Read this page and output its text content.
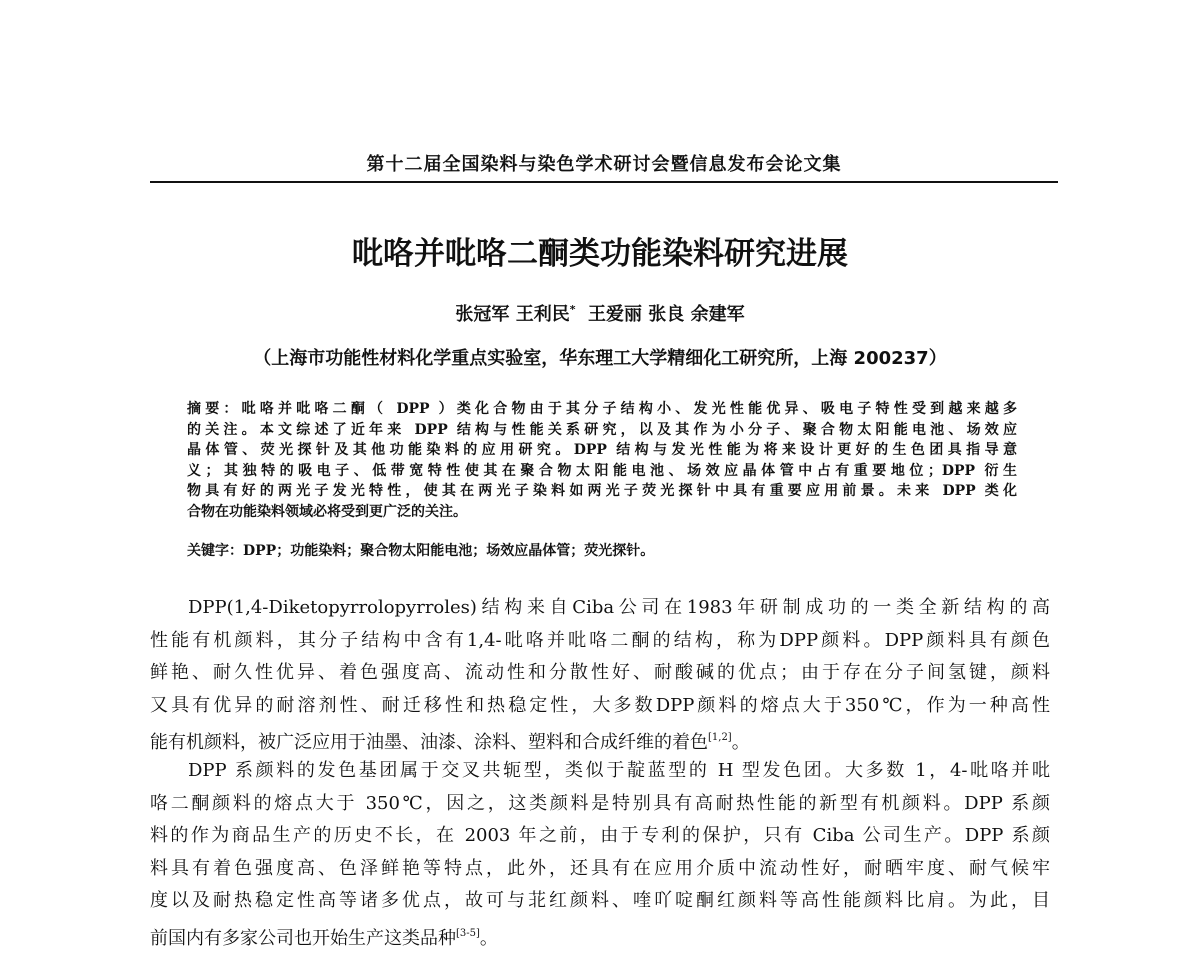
第十二届全国染料与染色学术研讨会暨信息发布会论文集
吡咯并吡咯二酮类功能染料研究进展
张冠军 王利民* 王爱丽 张良 余建军
（上海市功能性材料化学重点实验室，华东理工大学精细化工研究所，上海 200237）
摘要：吡咯并吡咯二酮（ DPP ）类化合物由于其分子结构小、发光性能优异、吸电子特性受到越来越多
的关注。本文综述了近年来 DPP 结构与性能关系研究，以及其作为小分子、聚合物太阳能电池、场效应
晶体管、荧光探针及其他功能染料的应用研究。DPP 结构与发光性能为将来设计更好的生色团具指导意
义；其独特的吸电子、低带宽特性使其在聚合物太阳能电池、场效应晶体管中占有重要地位；DPP 衍生
物具有好的两光子发光特性，使其在两光子染料如两光子荧光探针中具有重要应用前景。未来 DPP 类化
合物在功能染料领域必将受到更广泛的关注。
关键字：DPP；功能染料；聚合物太阳能电池；场效应晶体管；荧光探针。
DPP(1,4-Diketopyrrolopyrroles)结构来自Ciba公司在1983年研制成功的一类全新结构的高
性能有机颜料，其分子结构中含有1,4-吡咯并吡咯二酮的结构，称为DPP颜料。DPP颜料具有颜色
鲜艳、耐久性优异、着色强度高、流动性和分散性好、耐酸碱的优点；由于存在分子间氢键，颜料
又具有优异的耐溶剂性、耐迁移性和热稳定性，大多数DPP颜料的熔点大于350℃，作为一种高性
能有机颜料，被广泛应用于油墨、油漆、涂料、塑料和合成纤维的着色[1,2]。
DPP 系颜料的发色基团属于交叉共轭型，类似于靛蓝型的 H 型发色团。大多数 1，4-吡咯并吡
咯二酮颜料的熔点大于 350℃，因之，这类颜料是特别具有高耐热性能的新型有机颜料。DPP 系颜
料的作为商品生产的历史不长，在 2003 年之前，由于专利的保护，只有 Ciba 公司生产。DPP 系颜
料具有着色强度高、色泽鲜艳等特点，此外，还具有在应用介质中流动性好，耐晒牢度、耐气候牢
度以及耐热稳定性高等诸多优点，故可与苝红颜料、喹吖啶酮红颜料等高性能颜料比肩。为此，目
前国内有多家公司也开始生产这类品种[3-5]。
